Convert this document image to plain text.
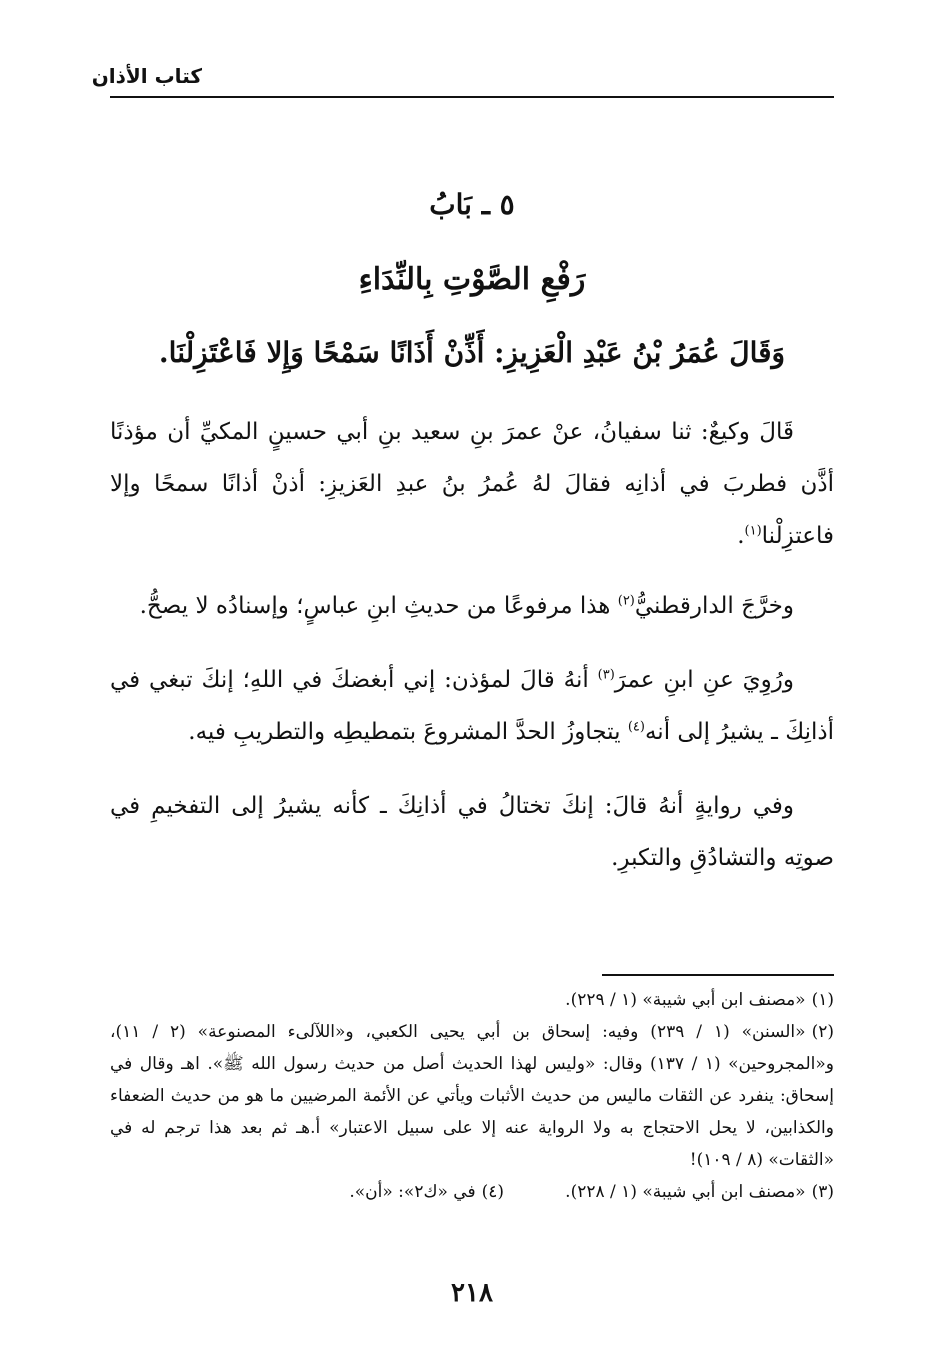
كتاب الأذان
٥ ـ بَابُ
رَفْعِ الصَّوْتِ بِالنِّدَاءِ
وَقَالَ عُمَرُ بْنُ عَبْدِ الْعَزِيزِ: أَذِّنْ أَذَانًا سَمْحًا وَإِلا فَاعْتَزِلْنَا.

قَالَ وكيعٌ: ثنا سفيانُ، عنْ عمرَ بنِ سعيد بنِ أبي حسينٍ المكيِّ أن مؤذنًا أذَّن فطربَ في أذانِه فقالَ لهُ عُمرُ بنُ عبدِ العَزيزِ: أذنْ أذانًا سمحًا وإلا فاعتزِلْنا$^{(١)}$.

وخرَّجَ الدارقطنيُّ$^{(٢)}$ هذا مرفوعًا من حديثِ ابنِ عباسٍ؛ وإسنادُه لا يصحُّ.

ورُوِيَ عنِ ابنِ عمرَ$^{(٣)}$ أنهُ قالَ لمؤذن: إني أبغضكَ في اللهِ؛ إنكَ تبغي في أذانِكَ ـ يشيرُ إلى أنه$^{(٤)}$ يتجاوزُ الحدَّ المشروعَ بتمطيطِه والتطريبِ فيه.

وفي روايةٍ أنهُ قالَ: إنكَ تختالُ في أذانِكَ ـ كأنه يشيرُ إلى التفخيمِ في صوتِه والتشادُقِ والتكبرِ.

(١)«مصنف ابن أبي شيبة» (١ / ٢٢٩).

(٢)«السنن» (١ / ٢٣٩) وفيه: إسحاق بن أبي يحيى الكعبي، و«اللآلىء المصنوعة» (٢ / ١١)، و«المجروحين» (١ / ١٣٧) وقال: «وليس لهذا الحديث أصل من حديث رسول الله ﷺ». اهـ وقال في إسحاق: ينفرد عن الثقات ماليس من حديث الأثبات ويأتي عن الأئمة المرضيين ما هو من حديث الضعفاء والكذابين، لا يحل الاحتجاج به ولا الرواية عنه إلا على سبيل الاعتبار» أ.هـ ثم بعد هذا ترجم له في «الثقات» (٨ / ١٠٩)!

(٣)«مصنف ابن أبي شيبة» (١ / ٢٢٨).

(٤)في «ك٢»: «أن».

٢١٨
